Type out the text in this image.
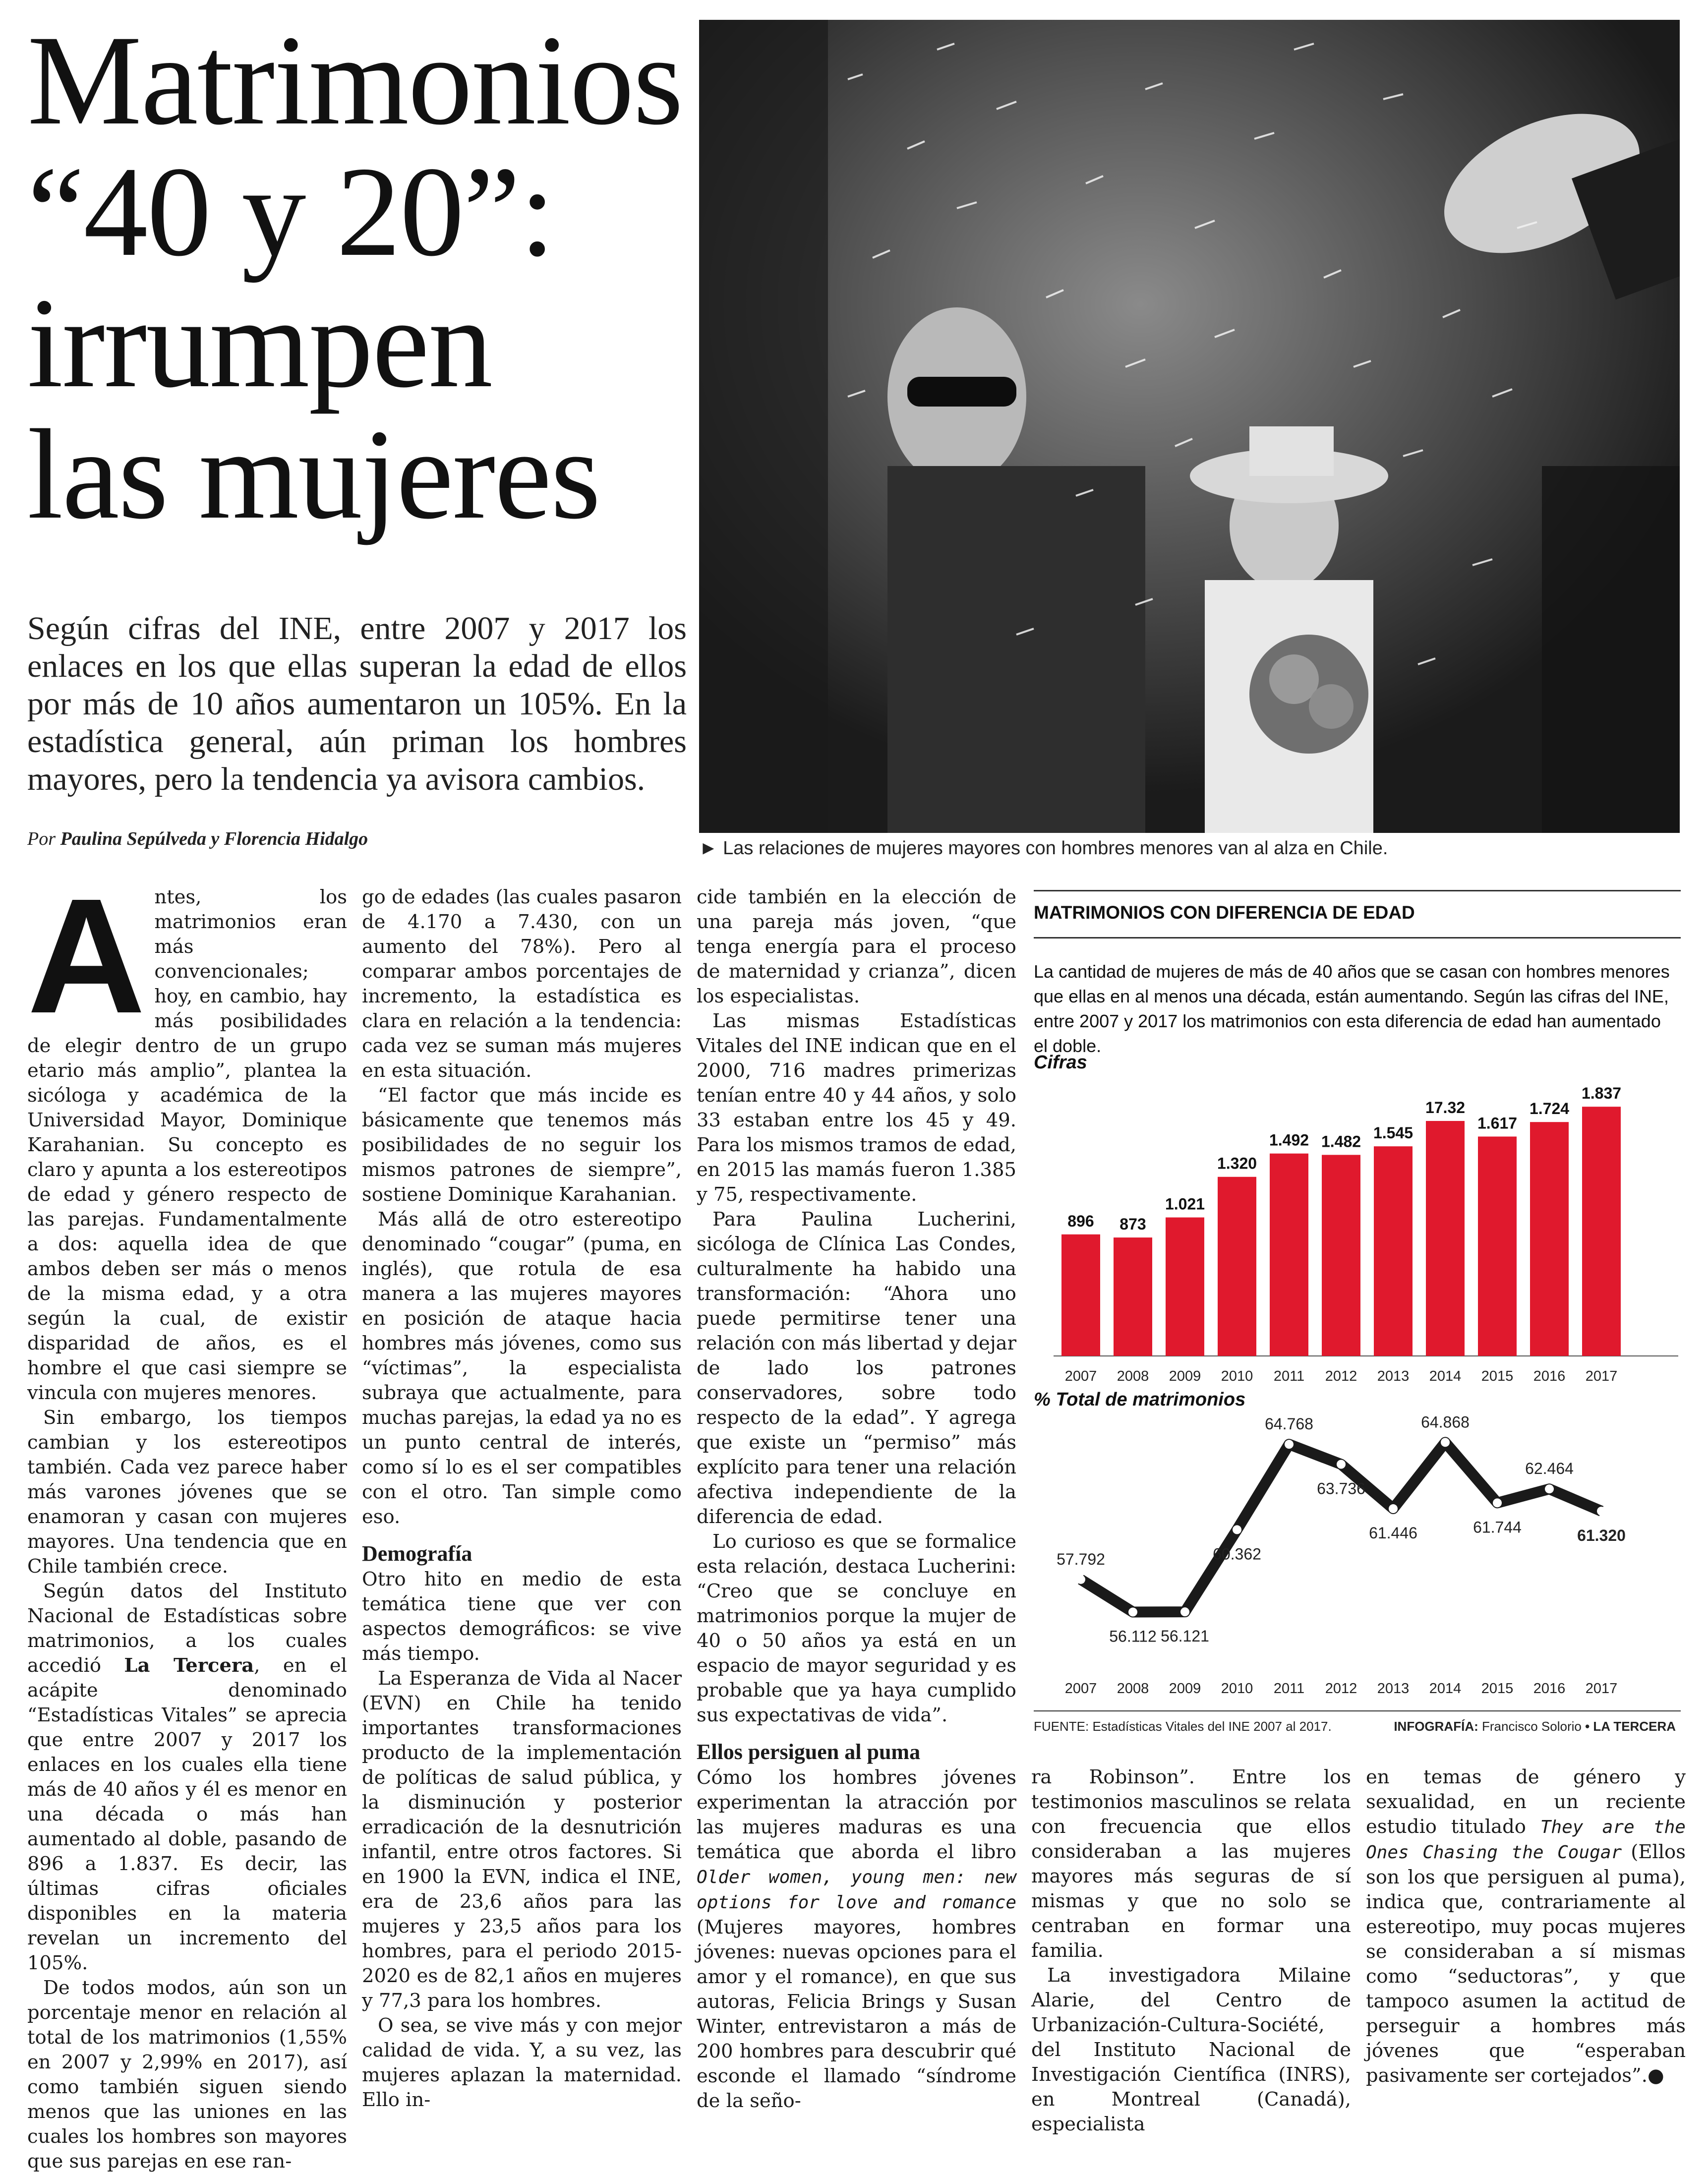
Matrimonios
“40 y 20”:
irrumpen
las mujeres
Según cifras del INE, entre 2007 y 2017 los enlaces en los que ellas superan la edad de ellos por más de 10 años aumentaron un 105%. En la estadística general, aún priman los hombres mayores, pero la tendencia ya avisora cambios.
Por Paulina Sepúlveda y Florencia Hidalgo	► Las relaciones de mujeres mayores con hombres menores van al alza en Chile.

Antes, los matrimonios eran más convencionales; hoy, en cambio, hay más posibilidades de elegir dentro de un grupo etario más amplio”, plantea la sicóloga y académica de la Universidad Mayor, Dominique Karahanian. Su concepto es claro y apunta a los estereotipos de edad y género respecto de las parejas. Fundamentalmente a dos: aquella idea de que ambos deben ser más o menos de la misma edad, y a otra según la cual, de existir disparidad de años, es el hombre el que casi siempre se vincula con mujeres menores.

Sin embargo, los tiempos cambian y los estereotipos también. Cada vez parece haber más varones jóvenes que se enamoran y casan con mujeres mayores. Una tendencia que en Chile también crece.

Según datos del Instituto Nacional de Estadísticas sobre matrimonios, a los cuales accedió La Tercera, en el acápite denominado “Estadísticas Vitales” se aprecia que entre 2007 y 2017 los enlaces en los cuales ella tiene más de 40 años y él es menor en una década o más han aumentado al doble, pasando de 896 a 1.837. Es decir, las últimas cifras oficiales disponibles en la materia revelan un incremento del 105%.

De todos modos, aún son un porcentaje menor en relación al total de los matrimonios (1,55% en 2007 y 2,99% en 2017), así como también siguen siendo menos que las uniones en las cuales los hombres son mayores que sus parejas en ese ran-

go de edades (las cuales pasaron de 4.170 a 7.430, con un aumento del 78%). Pero al comparar ambos porcentajes de incremento, la estadística es clara en relación a la tendencia: cada vez se suman más mujeres en esta situación.

“El factor que más incide es básicamente que tenemos más posibilidades de no seguir los mismos patrones de siempre”, sostiene Dominique Karahanian.

Más allá de otro estereotipo denominado “cougar” (puma, en inglés), que rotula de esa manera a las mujeres mayores en posición de ataque hacia hombres más jóvenes, como sus “víctimas”, la especialista subraya que actualmente, para muchas parejas, la edad ya no es un punto central de interés, como sí lo es el ser compatibles con el otro. Tan simple como eso.

Demografía

Otro hito en medio de esta temática tiene que ver con aspectos demográficos: se vive más tiempo.

La Esperanza de Vida al Nacer (EVN) en Chile ha tenido importantes transformaciones producto de la implementación de políticas de salud pública, y la disminución y posterior erradicación de la desnutrición infantil, entre otros factores. Si en 1900 la EVN, indica el INE, era de 23,6 años para las mujeres y 23,5 años para los hombres, para el periodo 2015-2020 es de 82,1 años en mujeres y 77,3 para los hombres.

O sea, se vive más y con mejor calidad de vida. Y, a su vez, las mujeres aplazan la maternidad. Ello in-

cide también en la elección de una pareja más joven, “que tenga energía para el proceso de maternidad y crianza”, dicen los especialistas.

Las mismas Estadísticas Vitales del INE indican que en el 2000, 716 madres primerizas tenían entre 40 y 44 años, y solo 33 estaban entre los 45 y 49. Para los mismos tramos de edad, en 2015 las mamás fueron 1.385 y 75, respectivamente.

Para Paulina Lucherini, sicóloga de Clínica Las Condes, culturalmente ha habido una transformación: “Ahora uno puede permitirse tener una relación con más libertad y dejar de lado los patrones conservadores, sobre todo respecto de la edad”. Y agrega que existe un “permiso” más explícito para tener una relación afectiva independiente de la diferencia de edad.

Lo curioso es que se formalice esta relación, destaca Lucherini: “Creo que se concluye en matrimonios porque la mujer de 40 o 50 años ya está en un espacio de mayor seguridad y es probable que ya haya cumplido sus expectativas de vida”.

Ellos persiguen al puma

Cómo los hombres jóvenes experimentan la atracción por las mujeres maduras es una temática que aborda el libro Older women, young men: new options for love and romance (Mujeres mayores, hombres jóvenes: nuevas opciones para el amor y el romance), en que sus autoras, Felicia Brings y Susan Winter, entrevistaron a más de 200 hombres para descubrir qué esconde el llamado “síndrome de la seño-

ra Robinson”. Entre los testimonios masculinos se relata con frecuencia que ellos consideraban a las mujeres mayores más seguras de sí mismas y que no solo se centraban en formar una familia.

La investigadora Milaine Alarie, del Centro de Urbanización-Cultura-Société, del Instituto Nacional de Investigación Científica (INRS), en Montreal (Canadá), especialista

en temas de género y sexualidad, en un reciente estudio titulado They are the Ones Chasing the Cougar (Ellos son los que persiguen al puma), indica que, contrariamente al estereotipo, muy pocas mujeres se consideraban a sí mismas como “seductoras”, y que tampoco asumen la actitud de perseguir a hombres más jóvenes que “esperaban pasivamente ser cortejados”.●

MATRIMONIOS CON DIFERENCIA DE EDAD
La cantidad de mujeres de más de 40 años que se casan con hombres menores que ellas en al menos una década, están aumentando. Según las cifras del INE, entre 2007 y 2017 los matrimonios con esta diferencia de edad han aumentado el doble.
Cifras
896
2007
873
2008
1.021
2009
1.320
2010
1.492
2011
1.482
2012
1.545
2013
17.32
2014
1.617
2015
1.724
2016
1.837
2017
% Total de matrimonios
57.792
2007
56.112
2008
56.121
2009
60.362
2010
64.768
2011
63.736
2012
61.446
2013
64.868
2014
61.744
2015
62.464
2016
61.320
2017
FUENTE: Estadísticas Vitales del INE 2007 al 2017.	INFOGRAFÍA: Francisco Solorio • LA TERCERA
